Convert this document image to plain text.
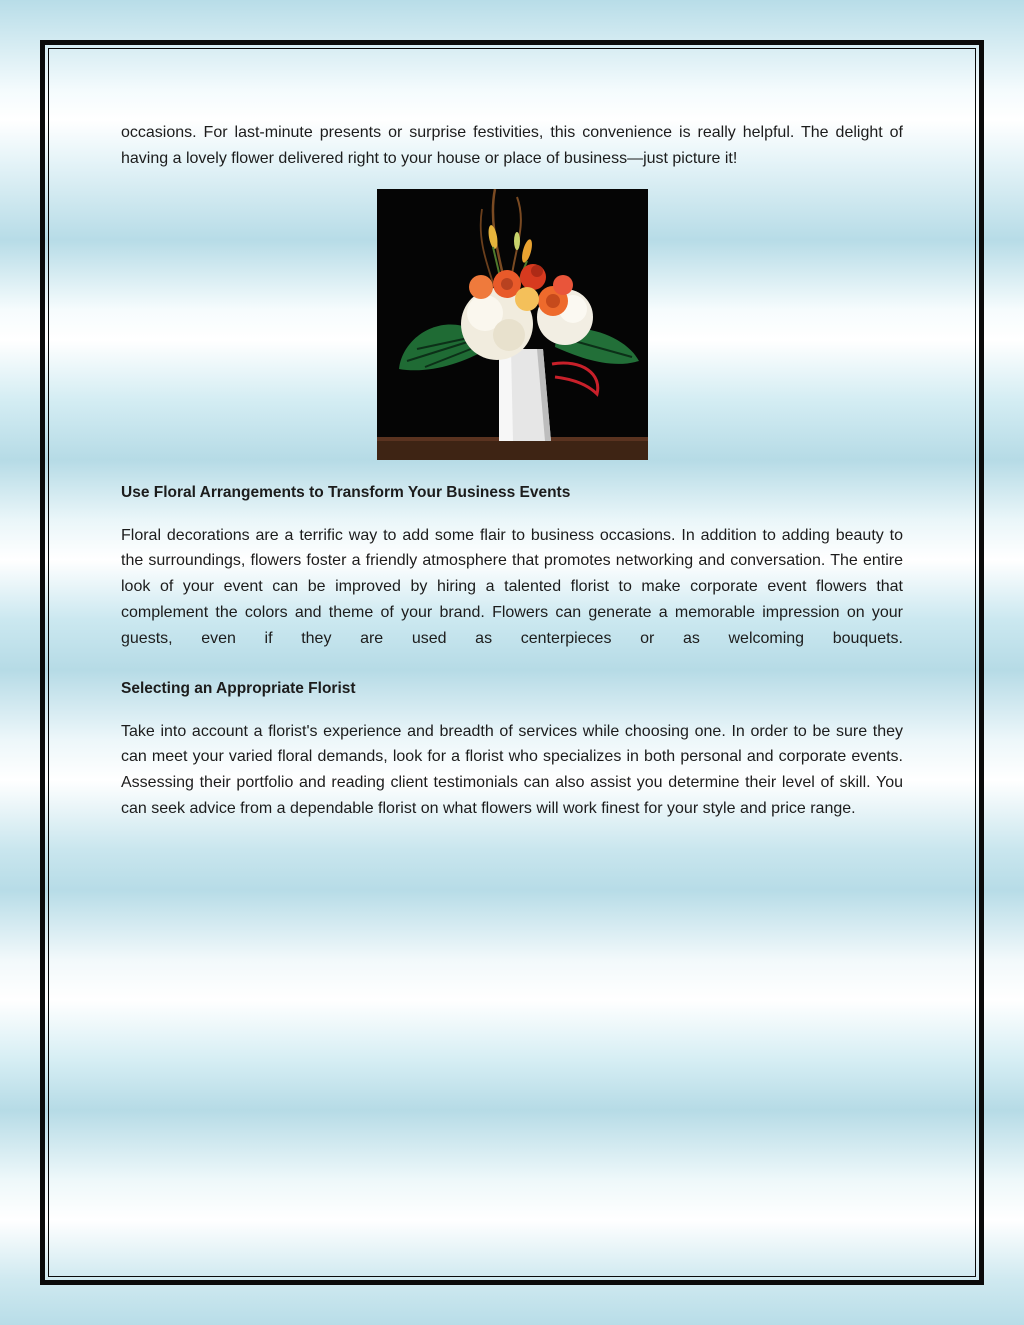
occasions. For last-minute presents or surprise festivities, this convenience is really helpful. The delight of having a lovely flower delivered right to your house or place of business—just picture it!

Use Floral Arrangements to Transform Your Business Events

Floral decorations are a terrific way to add some flair to business occasions. In addition to adding beauty to the surroundings, flowers foster a friendly atmosphere that promotes networking and conversation. The entire look of your event can be improved by hiring a talented florist to make corporate event flowers that complement the colors and theme of your brand. Flowers can generate a memorable impression on your guests, even if they are used as centerpieces or as welcoming bouquets.

Selecting an Appropriate Florist

Take into account a florist's experience and breadth of services while choosing one. In order to be sure they can meet your varied floral demands, look for a florist who specializes in both personal and corporate events. Assessing their portfolio and reading client testimonials can also assist you determine their level of skill. You can seek advice from a dependable florist on what flowers will work finest for your style and price range.
